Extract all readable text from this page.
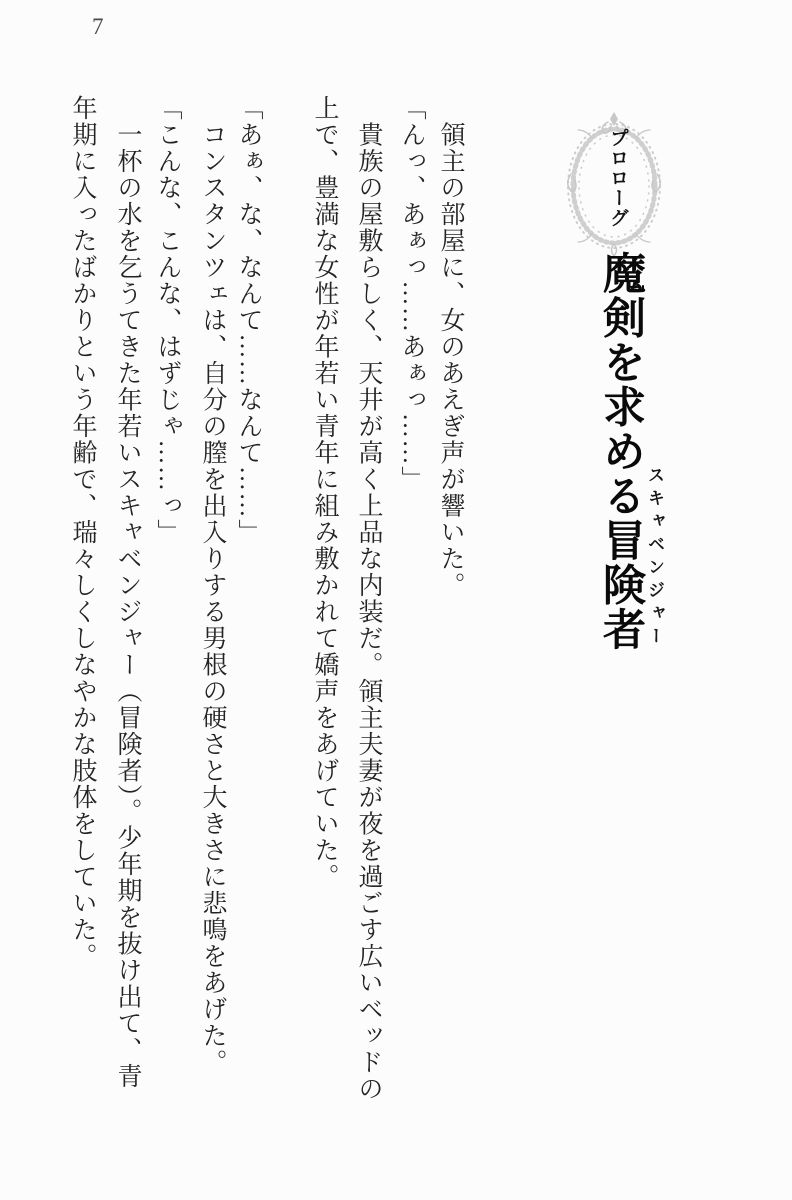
7
プロローグ
魔剣を求める冒険者 スキャベンジャー
　領主の部屋に、女のあえぎ声が響いた。
「んっ、あぁっ……あぁっ……」
　貴族の屋敷らしく、天井が高く上品な内装だ。領主夫妻が夜を過ごす広いベッドの
上で、豊満な女性が年若い青年に組み敷かれて嬌声をあげていた。
「あぁ、な、なんて……なんて……」
　コンスタンツェは、自分の膣を出入りする男根の硬さと大きさに悲鳴をあげた。
「こんな、こんな、はずじゃ……っ」
　一杯の水を乞うてきた年若いスキャベンジャー（冒険者）。少年期を抜け出て、青
年期に入ったばかりという年齢で、瑞々しくしなやかな肢体をしていた。
